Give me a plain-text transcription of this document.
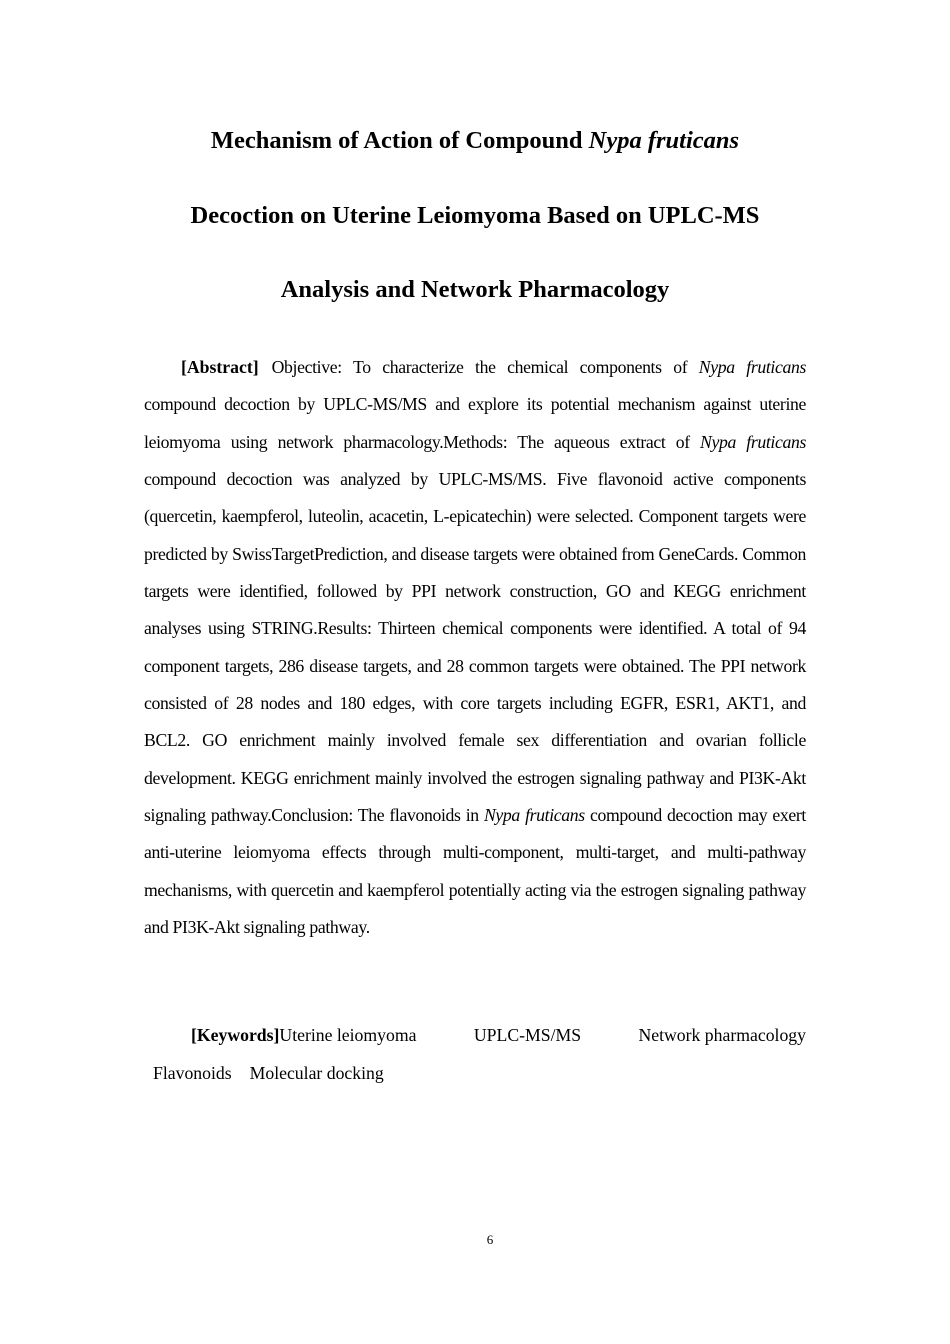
Mechanism of Action of Compound Nypa fruticans
Decoction on Uterine Leiomyoma Based on UPLC-MS
Analysis and Network Pharmacology

[Abstract] Objective: To characterize the chemical components of Nypa fruticans compound decoction by UPLC-MS/MS and explore its potential mechanism against uterine leiomyoma using network pharmacology.Methods: The aqueous extract of Nypa fruticans compound decoction was analyzed by UPLC-MS/MS. Five flavonoid active components (quercetin, kaempferol, luteolin, acacetin, L-epicatechin) were selected. Component targets were predicted by SwissTargetPrediction, and disease targets were obtained from GeneCards. Common targets were identified, followed by PPI network construction, GO and KEGG enrichment analyses using STRING.Results: Thirteen chemical components were identified. A total of 94 component targets, 286 disease targets, and 28 common targets were obtained. The PPI network consisted of 28 nodes and 180 edges, with core targets including EGFR, ESR1, AKT1, and BCL2. GO enrichment mainly involved female sex differentiation and ovarian follicle development. KEGG enrichment mainly involved the estrogen signaling pathway and PI3K-Akt signaling pathway.Conclusion: The flavonoids in Nypa fruticans compound decoction may exert anti-uterine leiomyoma effects through multi-component, multi-target, and multi-pathway mechanisms, with quercetin and kaempferol potentially acting via the estrogen signaling pathway and PI3K-Akt signaling pathway.

[Keywords]Uterine leiomyoma	UPLC-MS/MS	Network pharmacology
Flavonoids Molecular docking
6
